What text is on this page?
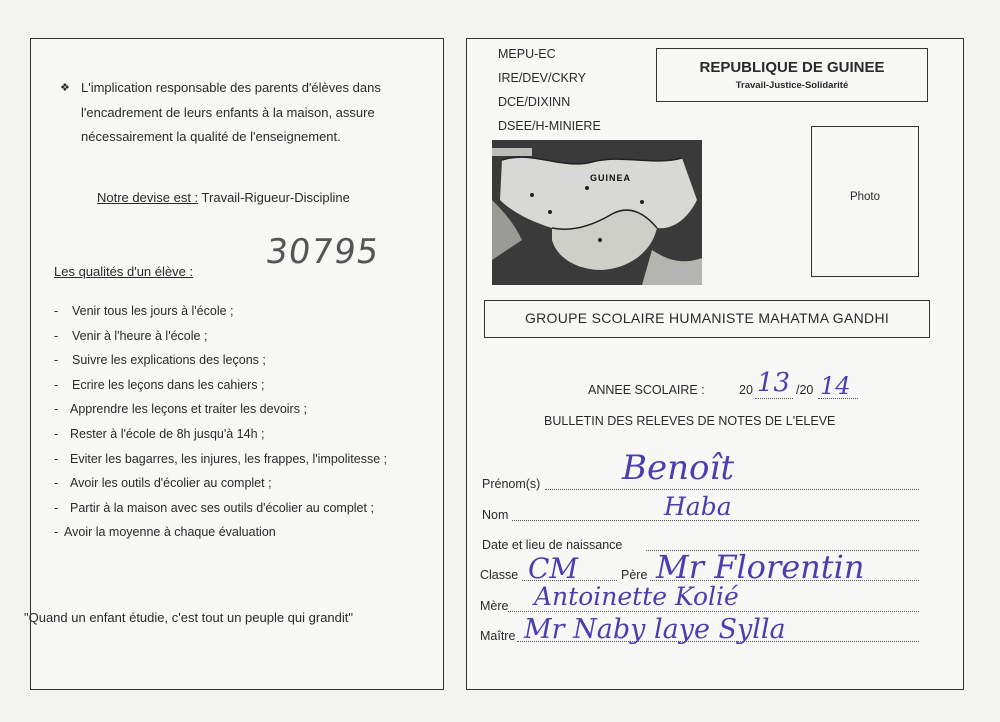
❖ L'implication responsable des parents d'élèves dans
l'encadrement de leurs enfants à la maison, assure
nécessairement la qualité de l'enseignement.
Notre devise est : Travail-Rigueur-Discipline
30795
Les qualités d'un élève :
- Venir tous les jours à l'école ;
- Venir à l'heure à l'école ;
- Suivre les explications des leçons ;
- Ecrire les leçons dans les cahiers ;
- Apprendre les leçons et traiter les devoirs ;
- Rester à l'école de 8h jusqu'à 14h ;
- Eviter les bagarres, les injures, les frappes, l'impolitesse ;
- Avoir les outils d'écolier au complet ;
- Partir à la maison avec ses outils d'écolier au complet ;
- Avoir la moyenne à chaque évaluation
"Quand un enfant étudie, c'est tout un peuple qui grandit"
MEPU-EC
IRE/DEV/CKRY
DCE/DIXINN
DSEE/H-MINIERE
REPUBLIQUE DE GUINEE
Travail-Justice-Solidarité
Photo
GUINEA
GROUPE SCOLAIRE HUMANISTE MAHATMA GANDHI
ANNEE SCOLAIRE :	20 13 /20 14
BULLETIN DES RELEVES DE NOTES DE L'ELEVE
Prénom(s) Benoît
Nom	Haba
Date et lieu de naissance
Classe CM	Père Mr Florentin
Mère Antoinette Kolié
Maître Mr Naby laye Sylla
